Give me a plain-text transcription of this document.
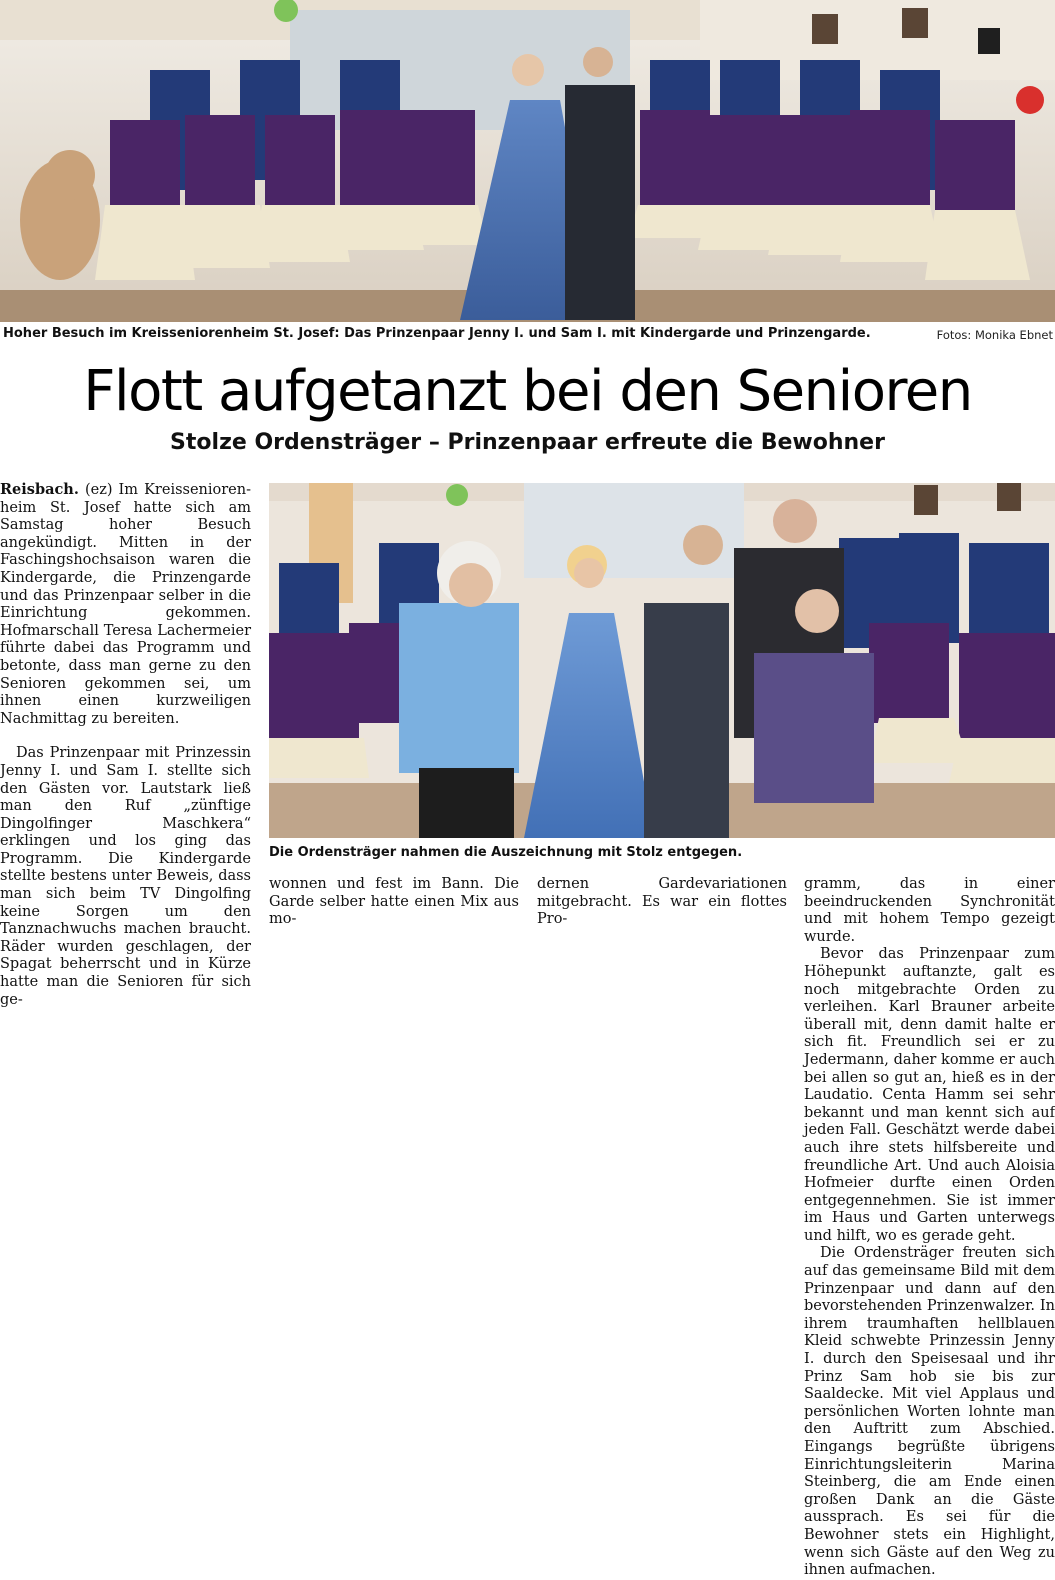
Hoher Besuch im Kreisseniorenheim St. Josef: Das Prinzenpaar Jenny I. und Sam I. mit Kindergarde und Prinzengarde.	Fotos: Monika Ebnet
Flott aufgetanzt bei den Senioren
Stolze Ordensträger – Prinzenpaar erfreute die Bewohner

Reisbach. (ez) Im Kreisseniorenheim St. Josef hatte sich am Samstag hoher Besuch angekündigt. Mitten in der Faschingshochsaison waren die Kindergarde, die Prinzengarde und das Prinzenpaar selber in die Einrichtung gekommen. Hofmarschall Teresa Lachermeier führte dabei das Programm und betonte, dass man gerne zu den Senioren gekommen sei, um ihnen einen kurzweiligen Nachmittag zu bereiten.

Das Prinzenpaar mit Prinzessin Jenny I. und Sam I. stellte sich den Gästen vor. Lautstark ließ man den Ruf „zünftige Dingolfinger Maschkera“ erklingen und los ging das Programm. Die Kindergarde stellte bestens unter Beweis, dass man sich beim TV Dingolfing keine Sorgen um den Tanznachwuchs machen braucht. Räder wurden geschlagen, der Spagat beherrscht und in Kürze hatte man die Senioren für sich ge-

Die Ordensträger nahmen die Auszeichnung mit Stolz entgegen.

wonnen und fest im Bann. Die Garde selber hatte einen Mix aus mo-

dernen Gardevariationen mitgebracht. Es war ein flottes Pro-

gramm, das in einer beeindruckenden Synchronität und mit hohem Tempo gezeigt wurde.

Bevor das Prinzenpaar zum Höhepunkt auftanzte, galt es noch mitgebrachte Orden zu verleihen. Karl Brauner arbeite überall mit, denn damit halte er sich fit. Freundlich sei er zu Jedermann, daher komme er auch bei allen so gut an, hieß es in der Laudatio. Centa Hamm sei sehr bekannt und man kennt sich auf jeden Fall. Geschätzt werde dabei auch ihre stets hilfsbereite und freundliche Art. Und auch Aloisia Hofmeier durfte einen Orden entgegennehmen. Sie ist immer im Haus und Garten unterwegs und hilft, wo es gerade geht.

Die Ordensträger freuten sich auf das gemeinsame Bild mit dem Prinzenpaar und dann auf den bevorstehenden Prinzenwalzer. In ihrem traumhaften hellblauen Kleid schwebte Prinzessin Jenny I. durch den Speisesaal und ihr Prinz Sam hob sie bis zur Saaldecke. Mit viel Applaus und persönlichen Worten lohnte man den Auftritt zum Abschied. Eingangs begrüßte übrigens Einrichtungsleiterin Marina Steinberg, die am Ende einen großen Dank an die Gäste aussprach. Es sei für die Bewohner stets ein Highlight, wenn sich Gäste auf den Weg zu ihnen aufmachen.
